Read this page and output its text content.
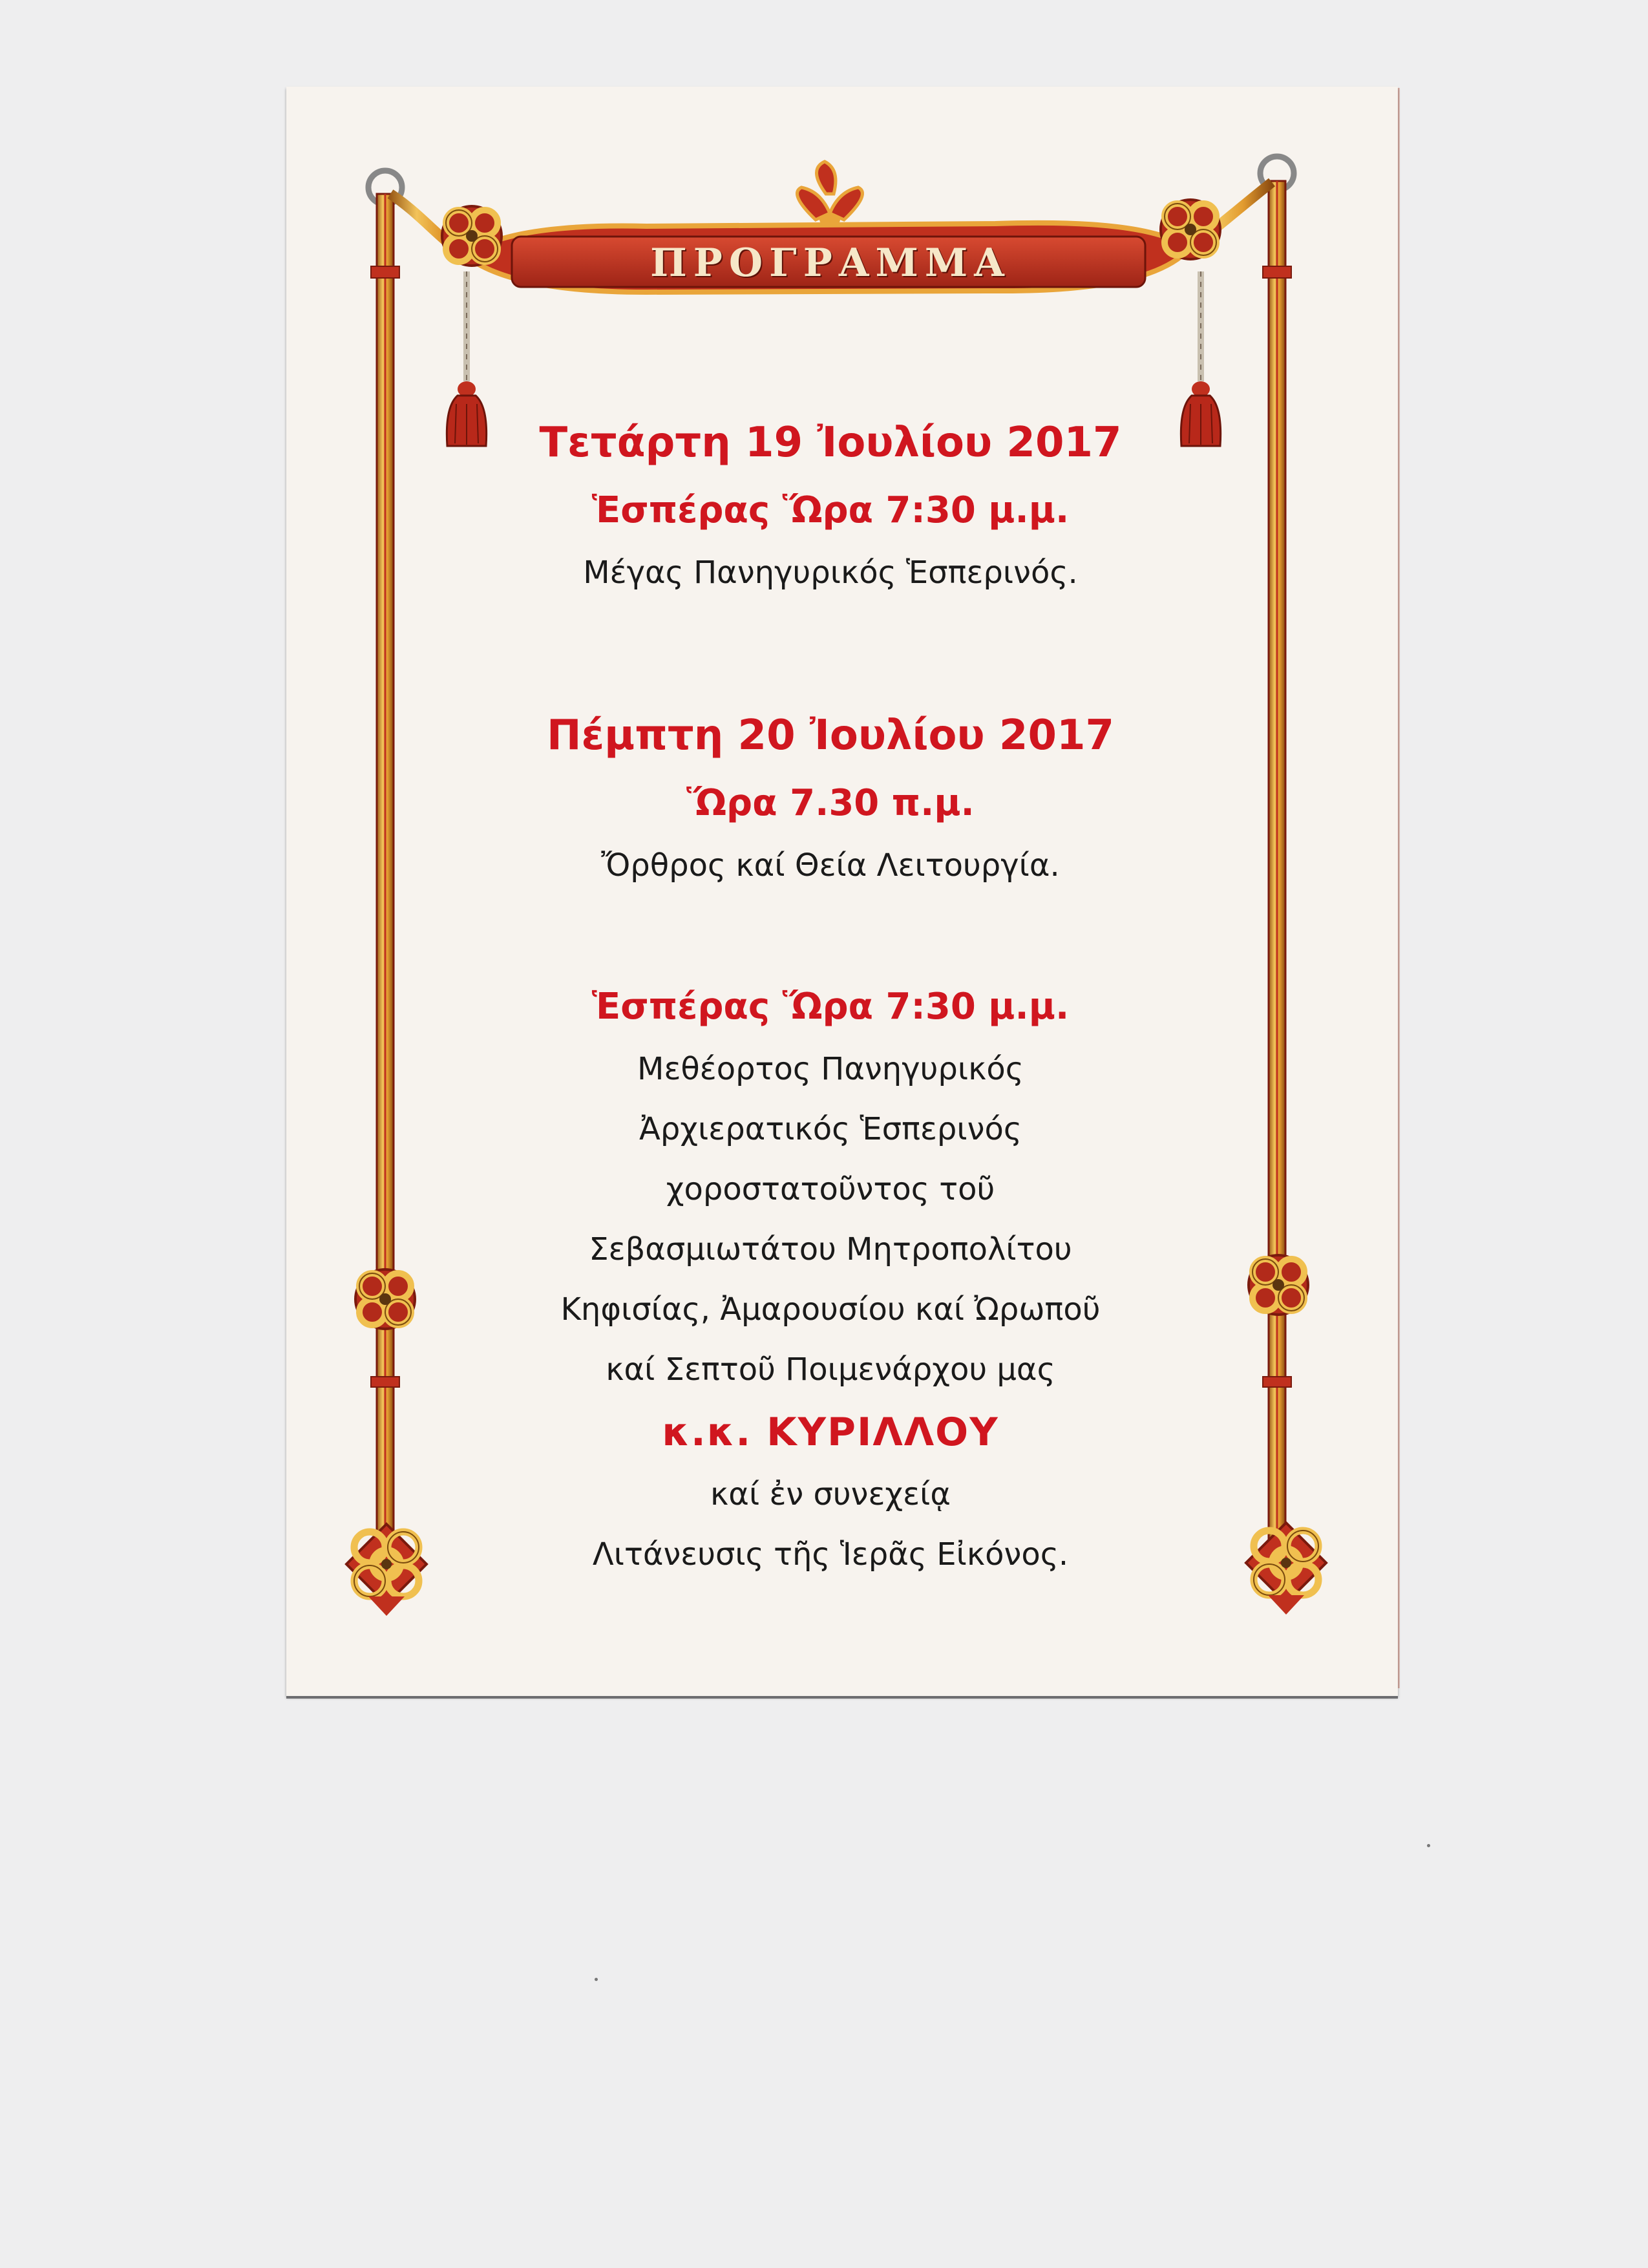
ΠΡΟΓΡΑΜΜΑ

Τετάρτη 19 Ἰουλίου 2017

Ἑσπέρας Ὥρα 7:30 μ.μ.

Μέγας Πανηγυρικός Ἑσπερινός.

Πέμπτη 20 Ἰουλίου 2017

Ὥρα 7.30 π.μ.

Ὄρθρος καί Θεία Λειτουργία.

Ἑσπέρας Ὥρα 7:30 μ.μ.

Μεθέορτος Πανηγυρικός

Ἀρχιερατικός Ἑσπερινός

χοροστατοῦντος τοῦ

Σεβασμιωτάτου Μητροπολίτου

Κηφισίας, Ἀμαρουσίου καί Ὠρωποῦ

καί Σεπτοῦ Ποιμενάρχου μας

κ.κ. ΚΥΡΙΛΛΟΥ

καί ἐν συνεχείᾳ

Λιτάνευσις τῆς Ἱερᾶς Εἰκόνος.
